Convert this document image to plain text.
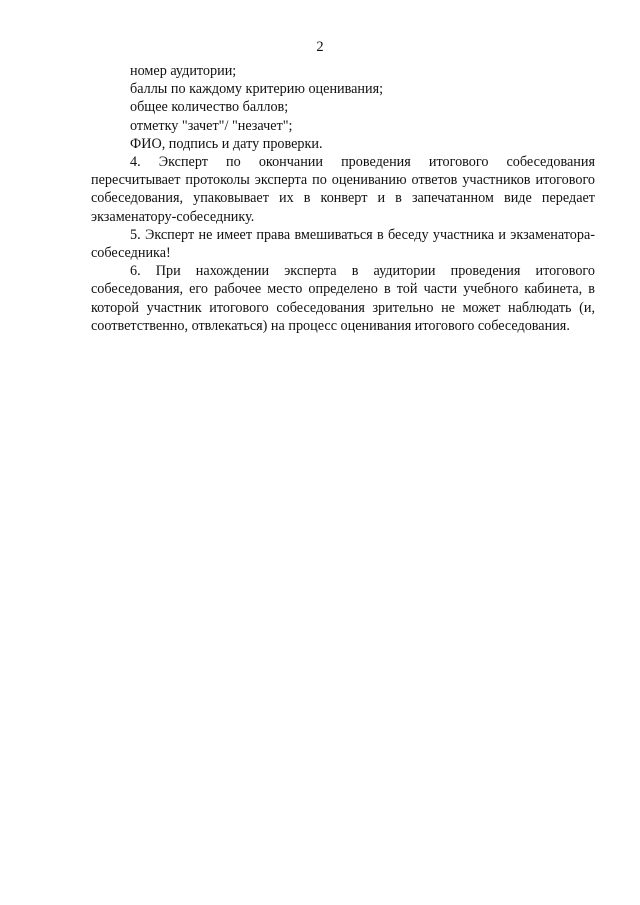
2
номер аудитории;
баллы по каждому критерию оценивания;
общее количество баллов;
отметку "зачет"/ "незачет";
ФИО, подпись и дату проверки.

4. Эксперт по окончании проведения итогового собеседования пересчитывает протоколы эксперта по оцениванию ответов участников итогового собеседования, упаковывает их в конверт и в запечатанном виде передает экзаменатору-собеседнику.

5. Эксперт не имеет права вмешиваться в беседу участника и экзаменатора-собеседника!

6. При нахождении эксперта в аудитории проведения итогового собеседования, его рабочее место определено в той части учебного кабинета, в которой участник итогового собеседования зрительно не может наблюдать (и, соответственно, отвлекаться) на процесс оценивания итогового собеседования.
